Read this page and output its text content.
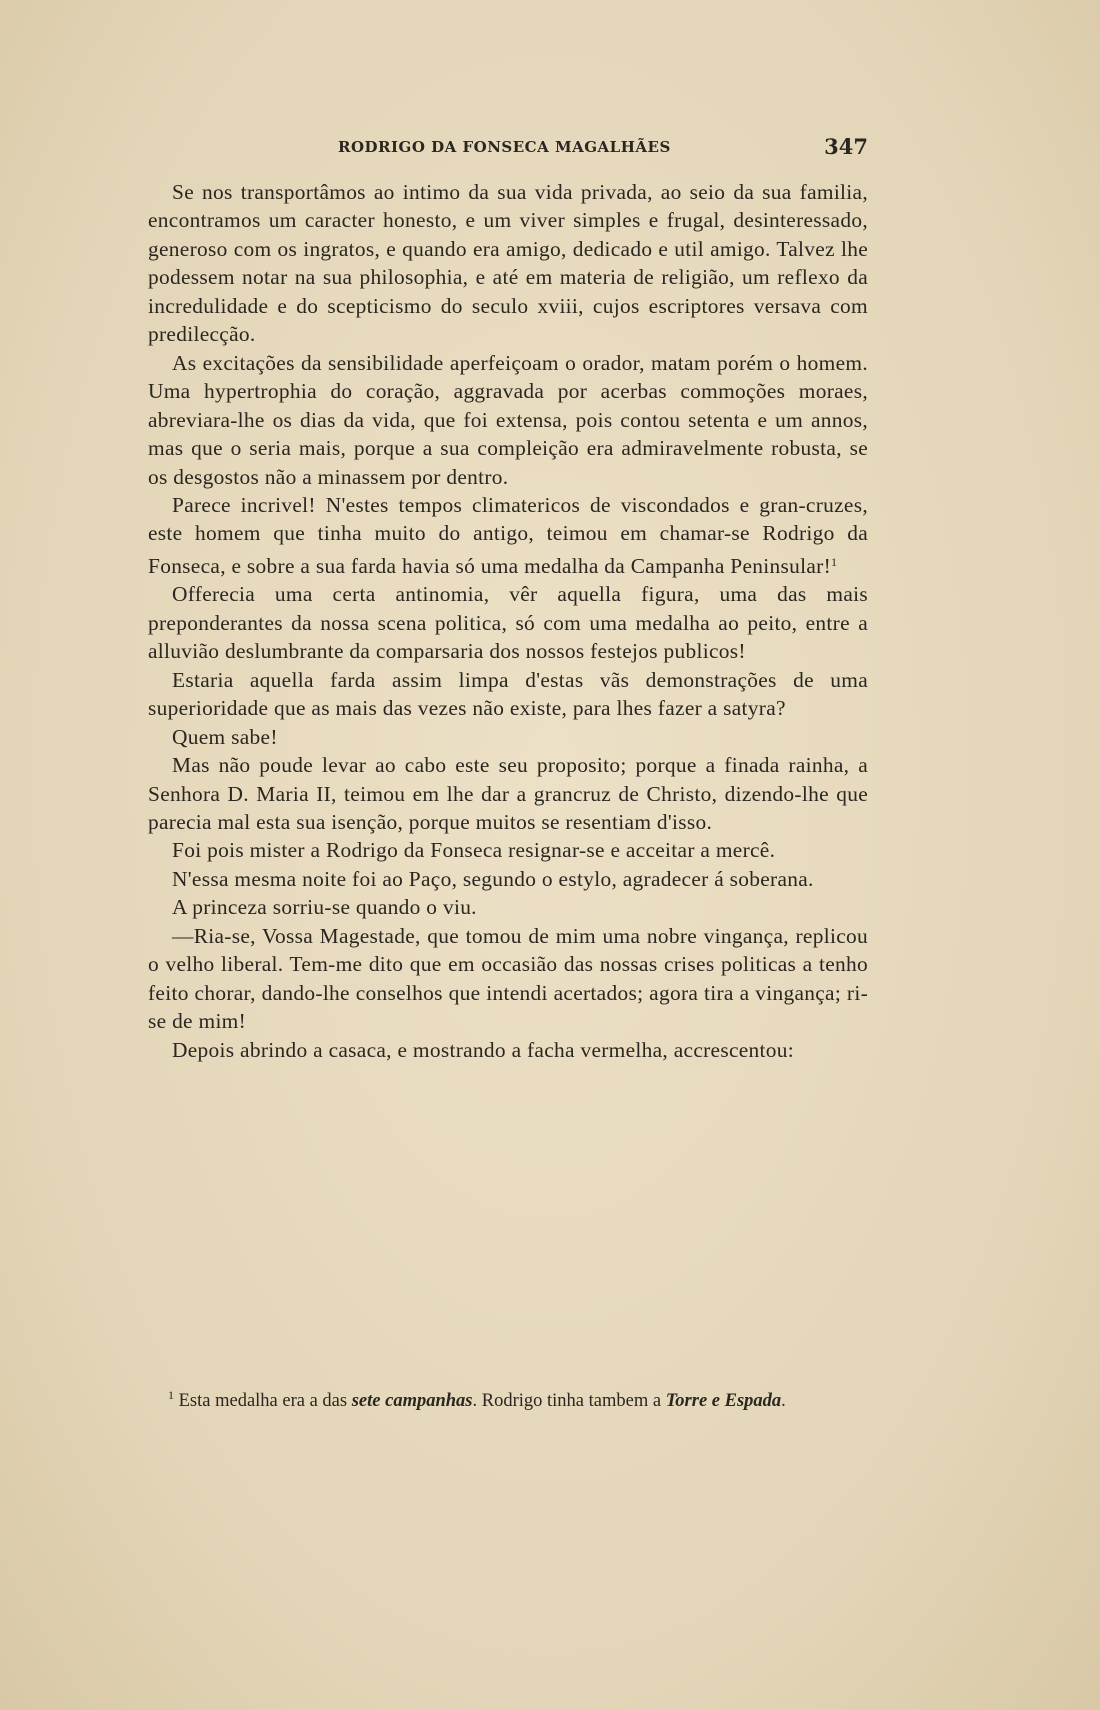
RODRIGO DA FONSECA MAGALHÃES	347

Se nos transportâmos ao intimo da sua vida privada, ao seio da sua familia, encontramos um caracter honesto, e um viver simples e frugal, desinteressado, generoso com os ingratos, e quando era amigo, dedicado e util amigo. Talvez lhe podessem notar na sua philosophia, e até em materia de religião, um reflexo da incredulidade e do scepticismo do seculo xviii, cujos escriptores versava com predilecção.

As excitações da sensibilidade aperfeiçoam o orador, matam porém o homem. Uma hypertrophia do coração, aggravada por acerbas commoções moraes, abreviara-lhe os dias da vida, que foi extensa, pois contou setenta e um annos, mas que o seria mais, porque a sua compleição era admiravelmente robusta, se os desgostos não a minassem por dentro.

Parece incrivel! N'estes tempos climatericos de viscondados e gran-cruzes, este homem que tinha muito do antigo, teimou em chamar-se Rodrigo da Fonseca, e sobre a sua farda havia só uma medalha da Campanha Peninsular!$^1$

Offerecia uma certa antinomia, vêr aquella figura, uma das mais preponderantes da nossa scena politica, só com uma medalha ao peito, entre a alluvião deslumbrante da comparsaria dos nossos festejos publicos!

Estaria aquella farda assim limpa d'estas vãs demonstrações de uma superioridade que as mais das vezes não existe, para lhes fazer a satyra?

Quem sabe!

Mas não poude levar ao cabo este seu proposito; porque a finada rainha, a Senhora D. Maria II, teimou em lhe dar a grancruz de Christo, dizendo-lhe que parecia mal esta sua isenção, porque muitos se resentiam d'isso.

Foi pois mister a Rodrigo da Fonseca resignar-se e acceitar a mercê.

N'essa mesma noite foi ao Paço, segundo o estylo, agradecer á soberana.

A princeza sorriu-se quando o viu.

—Ria-se, Vossa Magestade, que tomou de mim uma nobre vingança, replicou o velho liberal. Tem-me dito que em occasião das nossas crises politicas a tenho feito chorar, dando-lhe conselhos que intendi acertados; agora tira a vingança; ri-se de mim!

Depois abrindo a casaca, e mostrando a facha vermelha, accrescentou:

$^1$ Esta medalha era a das sete campanhas. Rodrigo tinha tambem a Torre e Espada.
